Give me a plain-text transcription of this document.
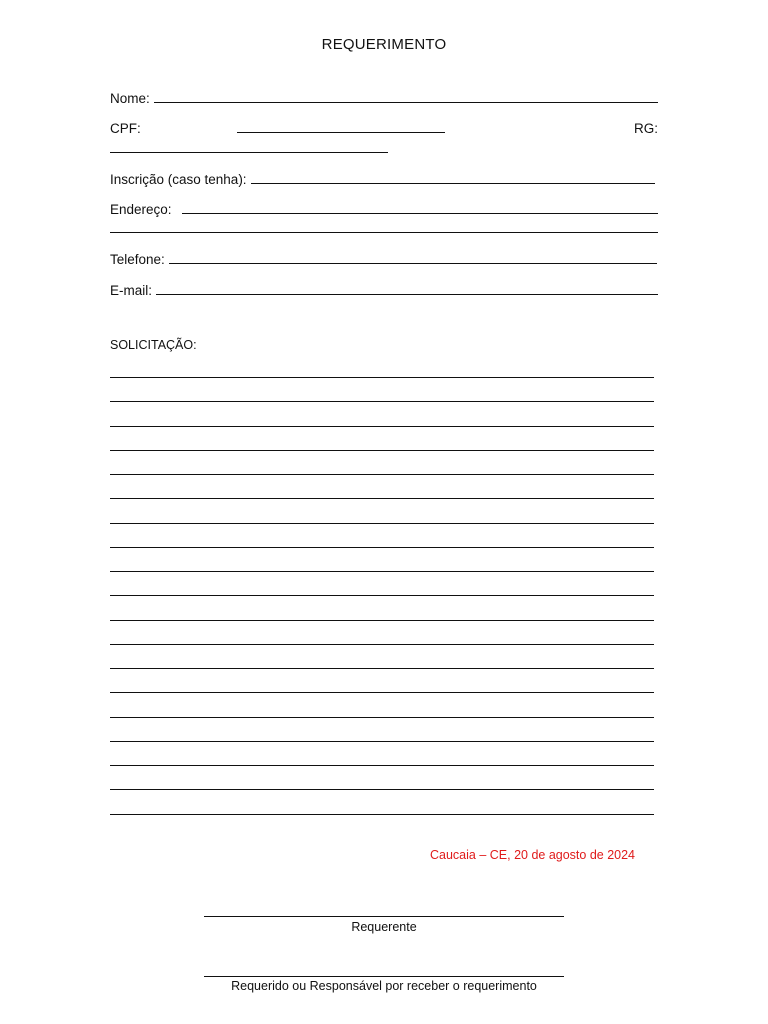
REQUERIMENTO
Nome:
CPF:	RG:
Inscrição (caso tenha):
Endereço:
Telefone:
E-mail:
SOLICITAÇÃO:
Caucaia – CE, 20 de agosto de 2024
Requerente
Requerido ou Responsável por receber o requerimento
